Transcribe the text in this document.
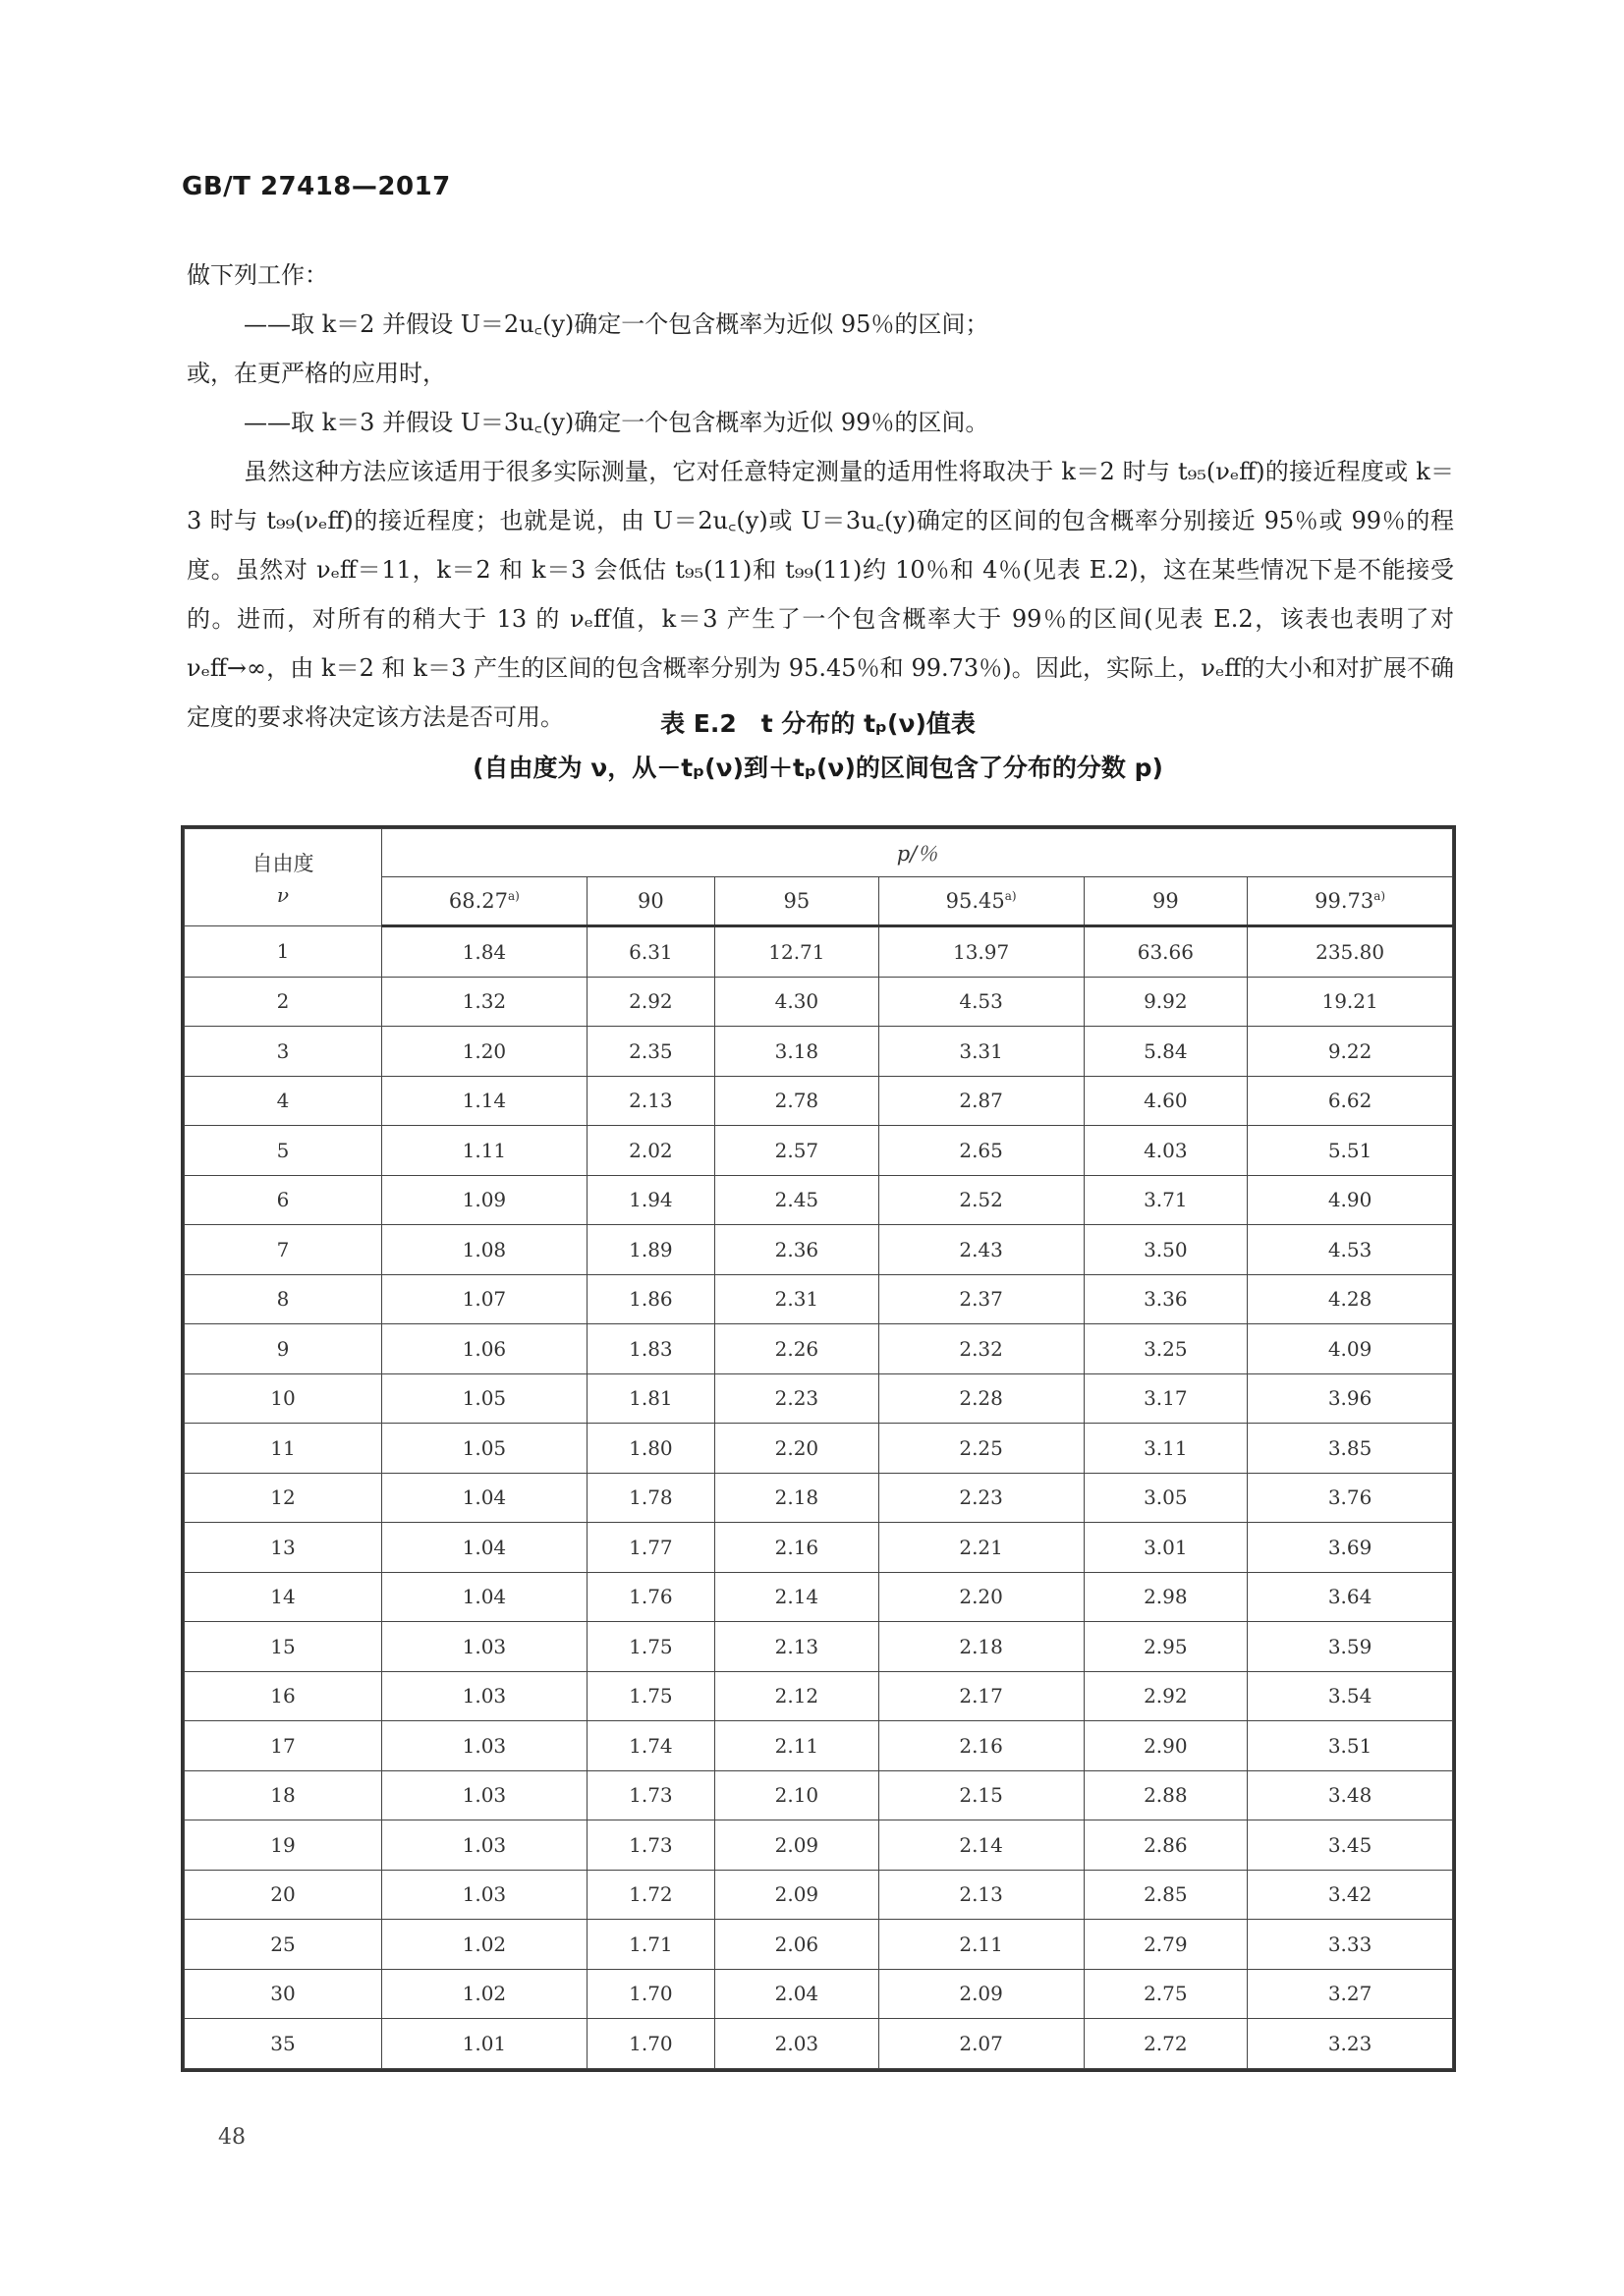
GB/T 27418—2017

做下列工作：

——取 k＝2 并假设 U＝2u꜀(y)确定一个包含概率为近似 95％的区间；

或，在更严格的应用时，

——取 k＝3 并假设 U＝3u꜀(y)确定一个包含概率为近似 99％的区间。

虽然这种方法应该适用于很多实际测量，它对任意特定测量的适用性将取决于 k＝2 时与 t₉₅(νₑff)的接近程度或 k＝3 时与 t₉₉(νₑff)的接近程度；也就是说，由 U＝2u꜀(y)或 U＝3u꜀(y)确定的区间的包含概率分别接近 95％或 99％的程度。虽然对 νₑff＝11，k＝2 和 k＝3 会低估 t₉₅(11)和 t₉₉(11)约 10％和 4％(见表 E.2)，这在某些情况下是不能接受的。进而，对所有的稍大于 13 的 νₑff值，k＝3 产生了一个包含概率大于 99％的区间(见表 E.2，该表也表明了对 νₑff→∞，由 k＝2 和 k＝3 产生的区间的包含概率分别为 95.45％和 99.73％)。因此，实际上，νₑff的大小和对扩展不确定度的要求将决定该方法是否可用。	表 E.2　t 分布的 tₚ(ν)值表
(自由度为 ν，从－tₚ(ν)到＋tₚ(ν)的区间包含了分布的分数 p)
自由度
ν	p/％					
	68.27$^{a)}$	90	95	95.45$^{a)}$	99	99.73$^{a)}$
1	1.84	6.31	12.71	13.97	63.66	235.80
2	1.32	2.92	4.30	4.53	9.92	19.21
3	1.20	2.35	3.18	3.31	5.84	9.22
4	1.14	2.13	2.78	2.87	4.60	6.62
5	1.11	2.02	2.57	2.65	4.03	5.51
6	1.09	1.94	2.45	2.52	3.71	4.90
7	1.08	1.89	2.36	2.43	3.50	4.53
8	1.07	1.86	2.31	2.37	3.36	4.28
9	1.06	1.83	2.26	2.32	3.25	4.09
10	1.05	1.81	2.23	2.28	3.17	3.96
11	1.05	1.80	2.20	2.25	3.11	3.85
12	1.04	1.78	2.18	2.23	3.05	3.76
13	1.04	1.77	2.16	2.21	3.01	3.69
14	1.04	1.76	2.14	2.20	2.98	3.64
15	1.03	1.75	2.13	2.18	2.95	3.59
16	1.03	1.75	2.12	2.17	2.92	3.54
17	1.03	1.74	2.11	2.16	2.90	3.51
18	1.03	1.73	2.10	2.15	2.88	3.48
19	1.03	1.73	2.09	2.14	2.86	3.45
20	1.03	1.72	2.09	2.13	2.85	3.42
25	1.02	1.71	2.06	2.11	2.79	3.33
30	1.02	1.70	2.04	2.09	2.75	3.27
35	1.01	1.70	2.03	2.07	2.72	3.23
48
